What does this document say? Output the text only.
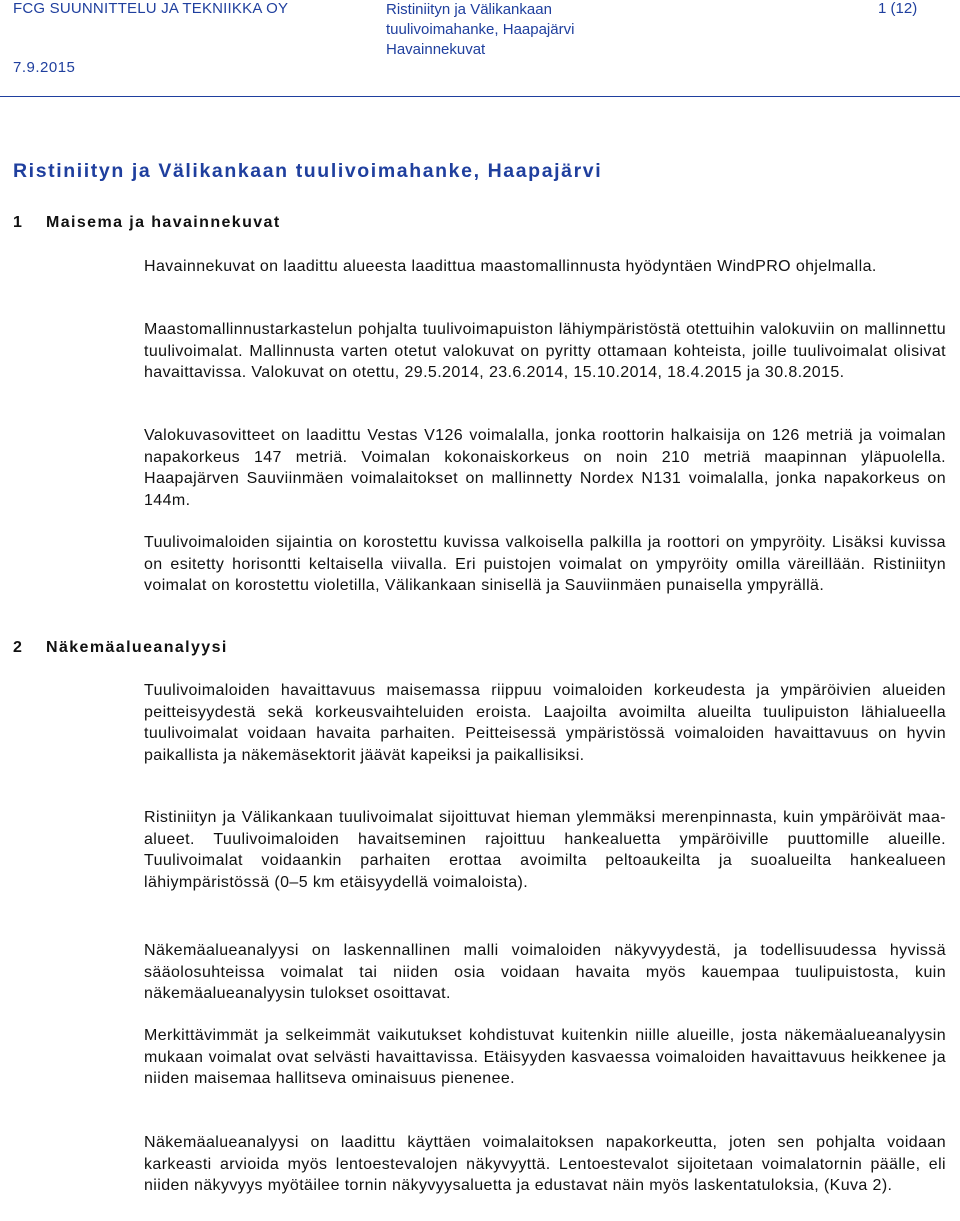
FCG SUUNNITTELU JA TEKNIIKKA OY
7.9.2015
Ristiniityn ja Välikankaan
tuulivoimahanke, Haapajärvi
Havainnekuvat
1 (12)
Ristiniityn ja Välikankaan tuulivoimahanke, Haapajärvi
1 Maisema ja havainnekuvat

Havainnekuvat on laadittu alueesta laadittua maastomallinnusta hyödyntäen WindPRO ohjelmalla.

Maastomallinnustarkastelun pohjalta tuulivoimapuiston lähiympäristöstä otettuihin valokuviin on mallinnettu tuulivoimalat. Mallinnusta varten otetut valokuvat on pyritty ottamaan kohteista, joille tuulivoimalat olisivat havaittavissa. Valokuvat on otettu, 29.5.2014, 23.6.2014, 15.10.2014, 18.4.2015 ja 30.8.2015.

Valokuvasovitteet on laadittu Vestas V126 voimalalla, jonka roottorin halkaisija on 126 metriä ja voimalan napakorkeus 147 metriä. Voimalan kokonaiskorkeus on noin 210 metriä maapinnan yläpuolella. Haapajärven Sauviinmäen voimalaitokset on mallinnetty Nordex N131 voimalalla, jonka napakorkeus on 144m.

Tuulivoimaloiden sijaintia on korostettu kuvissa valkoisella palkilla ja roottori on ympyröity. Lisäksi kuvissa on esitetty horisontti keltaisella viivalla. Eri puistojen voimalat on ympyröity omilla väreillään. Ristiniityn voimalat on korostettu violetilla, Välikankaan sinisellä ja Sauviinmäen punaisella ympyrällä.

2 Näkemäalueanalyysi

Tuulivoimaloiden havaittavuus maisemassa riippuu voimaloiden korkeudesta ja ympäröivien alueiden peitteisyydestä sekä korkeusvaihteluiden eroista. Laajoilta avoimilta alueilta tuulipuiston lähialueella tuulivoimalat voidaan havaita parhaiten. Peitteisessä ympäristössä voimaloiden havaittavuus on hyvin paikallista ja näkemäsektorit jäävät kapeiksi ja paikallisiksi.

Ristiniityn ja Välikankaan tuulivoimalat sijoittuvat hieman ylemmäksi merenpinnasta, kuin ympäröivät maa-alueet. Tuulivoimaloiden havaitseminen rajoittuu hankealuetta ympäröiville puuttomille alueille. Tuulivoimalat voidaankin parhaiten erottaa avoimilta peltoaukeilta ja suoalueilta hankealueen lähiympäristössä (0–5 km etäisyydellä voimaloista).

Näkemäalueanalyysi on laskennallinen malli voimaloiden näkyvyydestä, ja todellisuudessa hyvissä sääolosuhteissa voimalat tai niiden osia voidaan havaita myös kauempaa tuulipuistosta, kuin näkemäalueanalyysin tulokset osoittavat.

Merkittävimmät ja selkeimmät vaikutukset kohdistuvat kuitenkin niille alueille, josta näkemäalueanalyysin mukaan voimalat ovat selvästi havaittavissa. Etäisyyden kasvaessa voimaloiden havaittavuus heikkenee ja niiden maisemaa hallitseva ominaisuus pienenee.

Näkemäalueanalyysi on laadittu käyttäen voimalaitoksen napakorkeutta, joten sen pohjalta voidaan karkeasti arvioida myös lentoestevalojen näkyvyyttä. Lentoestevalot sijoitetaan voimalatornin päälle, eli niiden näkyvyys myötäilee tornin näkyvyysaluetta ja edustavat näin myös laskentatuloksia, (Kuva 2).
